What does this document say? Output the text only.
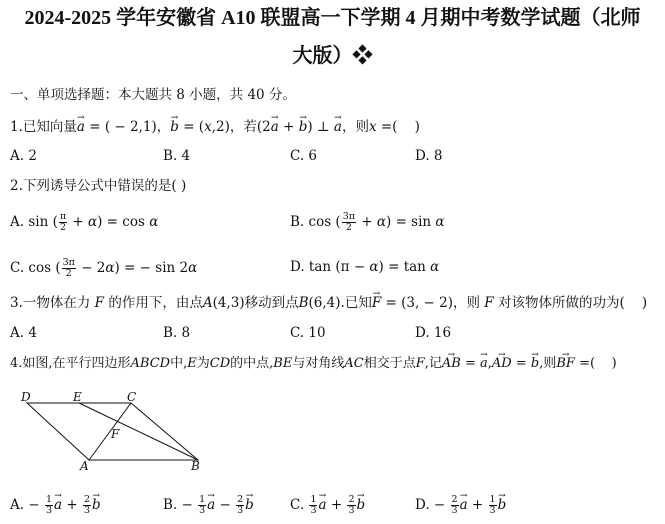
2024-2025 学年安徽省 A10 联盟高一下学期 4 月期中考数学试题（北师
大版）❖
一、单项选择题：本大题共 8 小题，共 40 分。
1.已知向量→ a = ( − 2,1)，→ b = (x,2)，若(2→ a + → b) ⊥ → a，则x =(    )
A. 2	B. 4	C. 6	D. 8
2.下列诱导公式中错误的是( )
A. sin ( $\frac{\pi}{2} + \alpha) = \cos \alpha$	B. cos ( $\frac{3\pi}{2} + \alpha) = \sin \alpha$
C. cos ( $\frac{3\pi}{2} - 2\alpha$) = − sin 2α	D. tan (π − α) = tan α
3.一物体在力 F 的作用下，由点A(4,3)移动到点B(6,4).已知→ F = (3, − 2)，则 F 对该物体所做的功为(    )
A. 4	B. 8	C. 10	D. 16
4.如图,在平行四边形ABCD中,E为CD的中点,BE与对角线AC相交于点F,记→ AB = → a,→ AD = → b,则→ BF =(    )
D	E	C
F
A	B
A. − $\frac{1}{3}$
→ $a + \frac{2}{3}$
→ b	B. − $\frac{1}{3}$
→ $a - \frac{2}{3}$
→ b	C. $\frac{1}{3}$
→ $a + \frac{2}{3}$
→ b	D. − $\frac{2}{3}$
→ $a + \frac{1}{3}$
→ b
